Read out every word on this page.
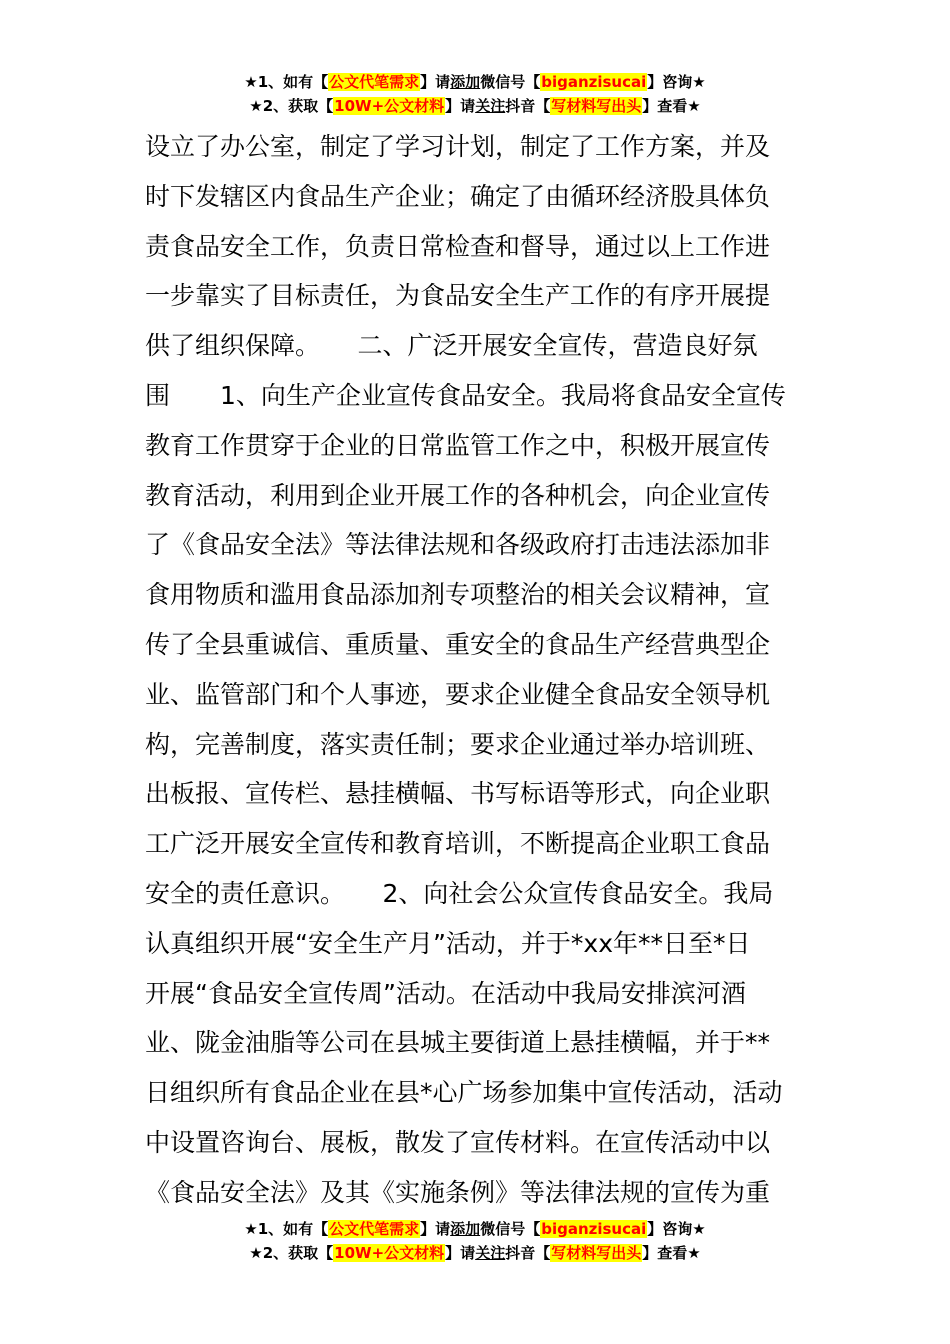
★1、如有【公文代笔需求】请添加微信号【biganzisucai】咨询★
★2、获取【10W+公文材料】请关注抖音【写材料写出头】查看★
设立了办公室，制定了学习计划，制定了工作方案，并及
时下发辖区内食品生产企业；确定了由循环经济股具体负
责食品安全工作，负责日常检查和督导，通过以上工作进
一步靠实了目标责任，为食品安全生产工作的有序开展提
供了组织保障。　　二、广泛开展安全宣传，营造良好氛
围　　1、向生产企业宣传食品安全。我局将食品安全宣传
教育工作贯穿于企业的日常监管工作之中，积极开展宣传
教育活动，利用到企业开展工作的各种机会，向企业宣传
了《食品安全法》等法律法规和各级政府打击违法添加非
食用物质和滥用食品添加剂专项整治的相关会议精神，宣
传了全县重诚信、重质量、重安全的食品生产经营典型企
业、监管部门和个人事迹，要求企业健全食品安全领导机
构，完善制度，落实责任制；要求企业通过举办培训班、
出板报、宣传栏、悬挂横幅、书写标语等形式，向企业职
工广泛开展安全宣传和教育培训，不断提高企业职工食品
安全的责任意识。　　2、向社会公众宣传食品安全。我局
认真组织开展“安全生产月”活动，并于*xx年**日至*日
开展“食品安全宣传周”活动。在活动中我局安排滨河酒
业、陇金油脂等公司在县城主要街道上悬挂横幅，并于**
日组织所有食品企业在县*心广场参加集中宣传活动，活动
中设置咨询台、展板，散发了宣传材料。在宣传活动中以
《食品安全法》及其《实施条例》等法律法规的宣传为重
★1、如有【公文代笔需求】请添加微信号【biganzisucai】咨询★
★2、获取【10W+公文材料】请关注抖音【写材料写出头】查看★
